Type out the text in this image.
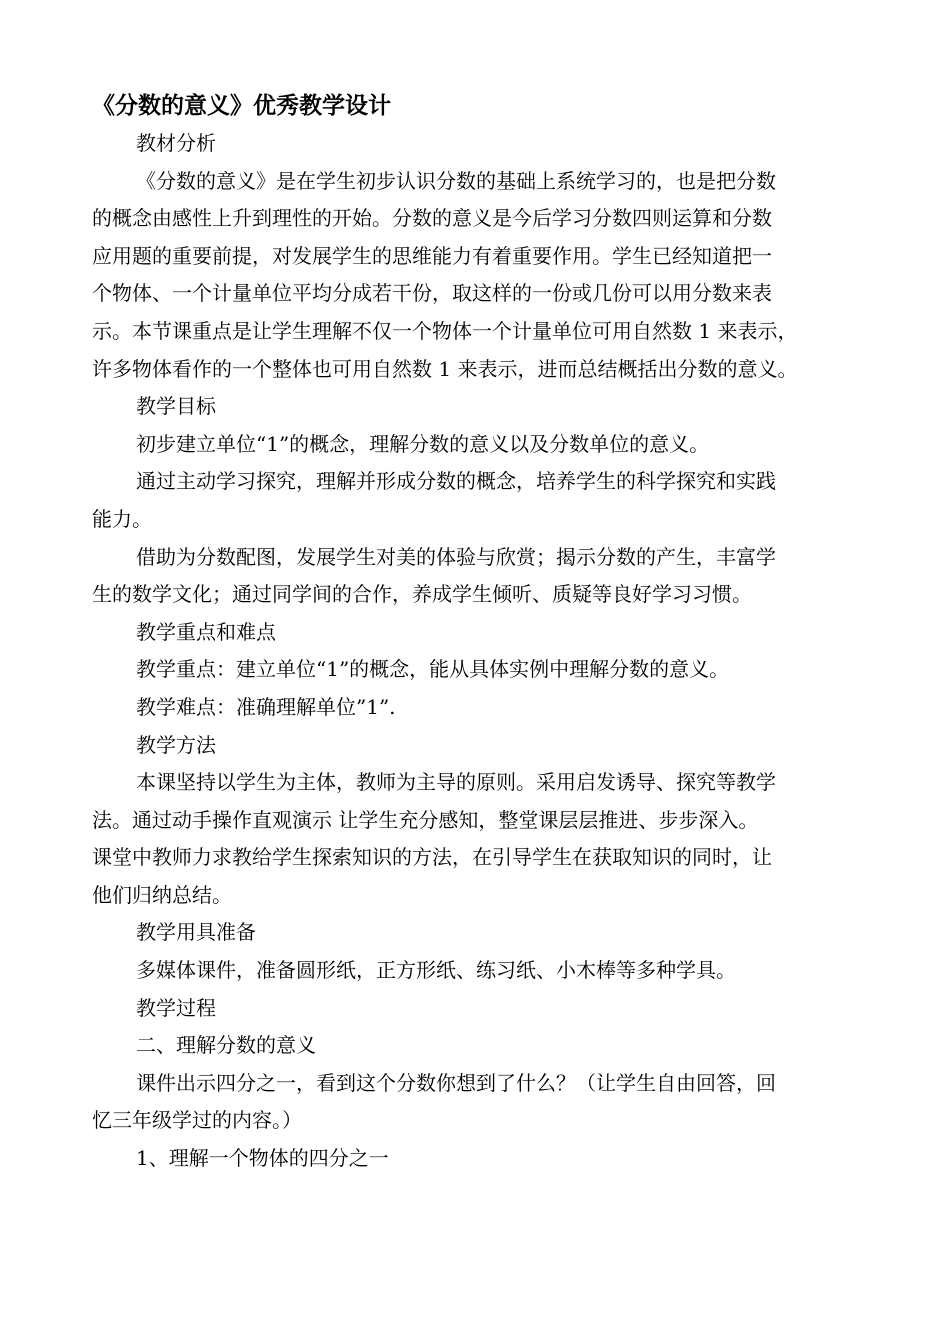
《分数的意义》优秀教学设计

教材分析

《分数的意义》是在学生初步认识分数的基础上系统学习的，也是把分数

的概念由感性上升到理性的开始。分数的意义是今后学习分数四则运算和分数

应用题的重要前提，对发展学生的思维能力有着重要作用。学生已经知道把一

个物体、一个计量单位平均分成若干份，取这样的一份或几份可以用分数来表

示。本节课重点是让学生理解不仅一个物体一个计量单位可用自然数 1 来表示，

许多物体看作的一个整体也可用自然数 1 来表示，进而总结概括出分数的意义。

教学目标

初步建立单位“1”的概念，理解分数的意义以及分数单位的意义。

通过主动学习探究，理解并形成分数的概念，培养学生的科学探究和实践

能力。

借助为分数配图，发展学生对美的体验与欣赏；揭示分数的产生，丰富学

生的数学文化；通过同学间的合作，养成学生倾听、质疑等良好学习习惯。

教学重点和难点

教学重点：建立单位“1”的概念，能从具体实例中理解分数的意义。

教学难点：准确理解单位”1”.

教学方法

本课坚持以学生为主体，教师为主导的原则。采用启发诱导、探究等教学

法。通过动手操作直观演示 让学生充分感知，整堂课层层推进、步步深入。

课堂中教师力求教给学生探索知识的方法，在引导学生在获取知识的同时，让

他们归纳总结。

教学用具准备

多媒体课件，准备圆形纸，正方形纸、练习纸、小木棒等多种学具。

教学过程

二、理解分数的意义

课件出示四分之一，看到这个分数你想到了什么？（让学生自由回答，回

忆三年级学过的内容。）

1、理解一个物体的四分之一
